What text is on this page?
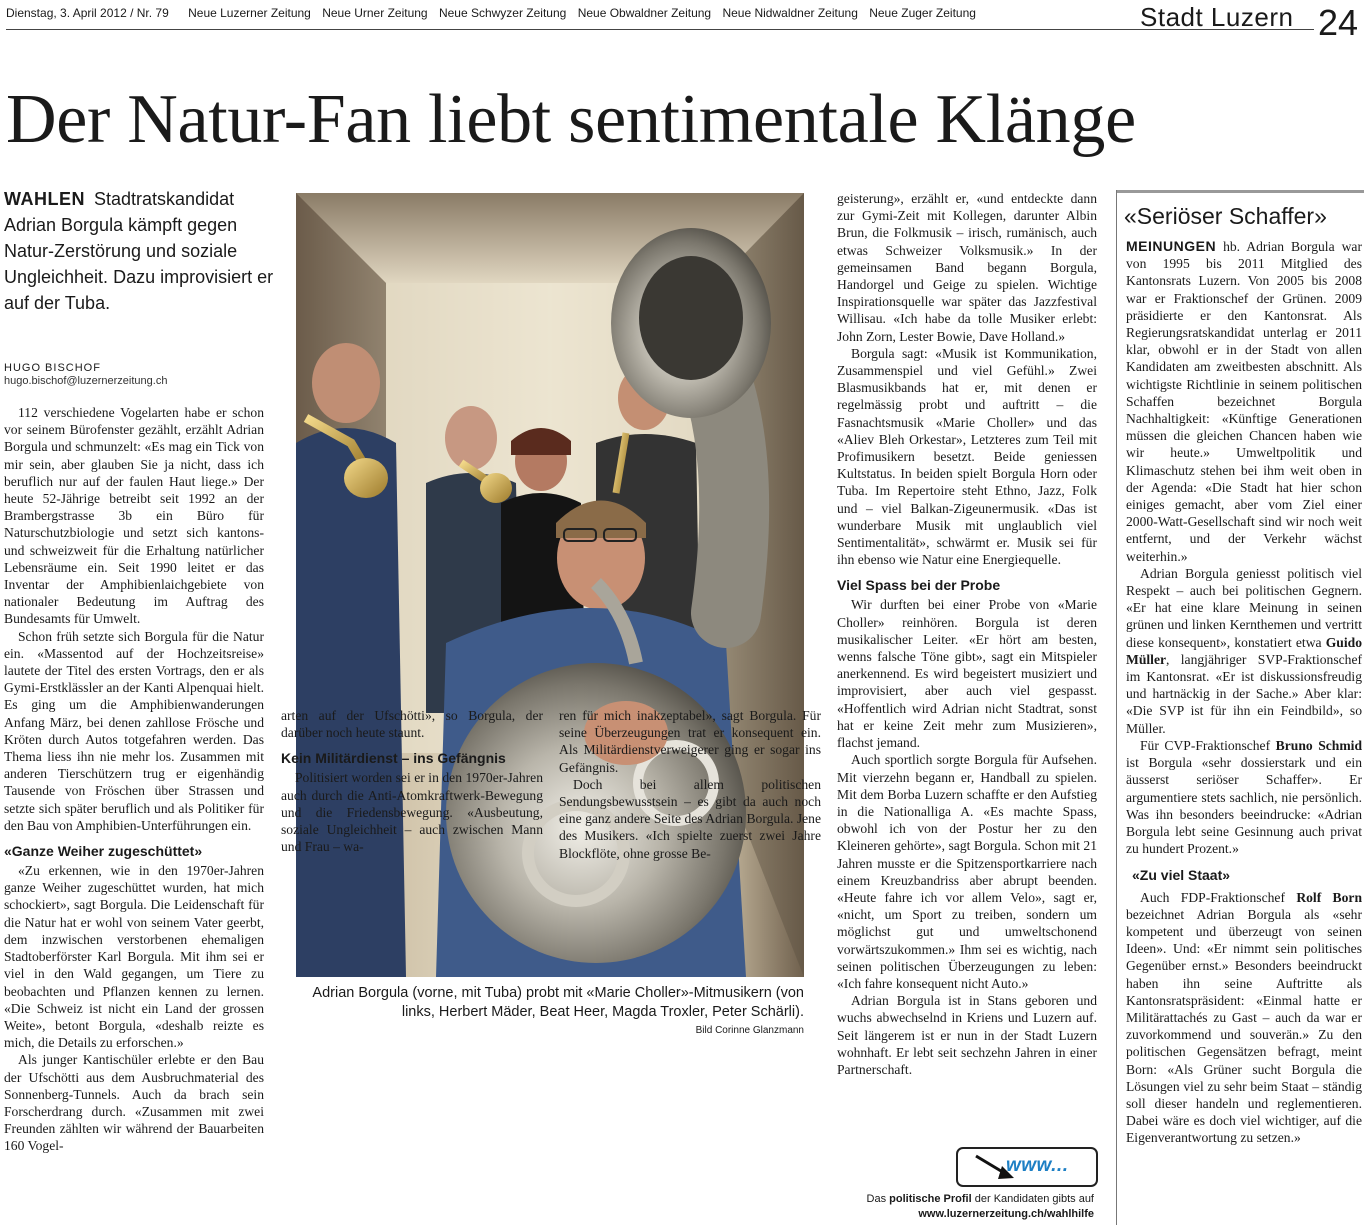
Dienstag, 3. April 2012 / Nr. 79 Neue Luzerner Zeitung Neue Urner Zeitung Neue Schwyzer Zeitung Neue Obwaldner Zeitung Neue Nidwaldner Zeitung Neue Zuger Zeitung	Stadt Luzern 24
Der Natur-Fan liebt sentimentale Klänge
WAHLEN Stadtratskandidat Adrian Borgula kämpft gegen Natur-Zerstörung und soziale Ungleichheit. Dazu improvisiert er auf der Tuba.
HUGO BISCHOF
hugo.bischof@luzernerzeitung.ch

112 verschiedene Vogelarten habe er schon vor seinem Bürofenster gezählt, erzählt Adrian Borgula und schmunzelt: «Es mag ein Tick von mir sein, aber glauben Sie ja nicht, dass ich beruflich nur auf der faulen Haut liege.» Der heute 52-Jährige betreibt seit 1992 an der Brambergstrasse 3b ein Büro für Naturschutzbiologie und setzt sich kantons- und schweizweit für die Erhaltung natürlicher Lebensräume ein. Seit 1990 leitet er das Inventar der Amphibienlaichgebiete von nationaler Bedeutung im Auftrag des Bundesamts für Umwelt.

Schon früh setzte sich Borgula für die Natur ein. «Massentod auf der Hochzeitsreise» lautete der Titel des ersten Vortrags, den er als Gymi-Erstklässler an der Kanti Alpenquai hielt. Es ging um die Amphibienwanderungen Anfang März, bei denen zahllose Frösche und Kröten durch Autos totgefahren werden. Das Thema liess ihn nie mehr los. Zusammen mit anderen Tierschützern trug er eigenhändig Tausende von Fröschen über Strassen und setzte sich später beruflich und als Politiker für den Bau von Amphibien-Unterführungen ein.

«Ganze Weiher zugeschüttet»

«Zu erkennen, wie in den 1970er-Jahren ganze Weiher zugeschüttet wurden, hat mich schockiert», sagt Borgula. Die Leidenschaft für die Natur hat er wohl von seinem Vater geerbt, dem inzwischen verstorbenen ehemaligen Stadtoberförster Karl Borgula. Mit ihm sei er viel in den Wald gegangen, um Tiere zu beobachten und Pflanzen kennen zu lernen. «Die Schweiz ist nicht ein Land der grossen Weite», betont Borgula, «deshalb reizte es mich, die Details zu erforschen.»

Als junger Kantischüler erlebte er den Bau der Ufschötti aus dem Ausbruchmaterial des Sonnenberg-Tunnels. Auch da brach sein Forscherdrang durch. «Zusammen mit zwei Freunden zählten wir während der Bauarbeiten 160 Vogel-

Adrian Borgula (vorne, mit Tuba) probt mit «Marie Choller»-Mitmusikern (von links, Herbert Mäder, Beat Heer, Magda Troxler, Peter Schärli).
Bild Corinne Glanzmann

arten auf der Ufschötti», so Borgula, der darüber noch heute staunt.

Kein Militärdienst – ins Gefängnis

Politisiert worden sei er in den 1970er-Jahren auch durch die Anti-Atomkraftwerk-Bewegung und die Friedensbewegung. «Ausbeutung, soziale Ungleichheit – auch zwischen Mann und Frau – wa-

ren für mich inakzeptabel», sagt Borgula. Für seine Überzeugungen trat er konsequent ein. Als Militärdienstverweigerer ging er sogar ins Gefängnis.

Doch bei allem politischen Sendungsbewusstsein – es gibt da auch noch eine ganz andere Seite des Adrian Borgula. Jene des Musikers. «Ich spielte zuerst zwei Jahre Blockflöte, ohne grosse Be-

geisterung», erzählt er, «und entdeckte dann zur Gymi-Zeit mit Kollegen, darunter Albin Brun, die Folkmusik – irisch, rumänisch, auch etwas Schweizer Volksmusik.» In der gemeinsamen Band begann Borgula, Handorgel und Geige zu spielen. Wichtige Inspirationsquelle war später das Jazzfestival Willisau. «Ich habe da tolle Musiker erlebt: John Zorn, Lester Bowie, Dave Holland.»

Borgula sagt: «Musik ist Kommunikation, Zusammenspiel und viel Gefühl.» Zwei Blasmusikbands hat er, mit denen er regelmässig probt und auftritt – die Fasnachtsmusik «Marie Choller» und das «Aliev Bleh Orkestar», Letzteres zum Teil mit Profimusikern besetzt. Beide geniessen Kultstatus. In beiden spielt Borgula Horn oder Tuba. Im Repertoire steht Ethno, Jazz, Folk und – viel Balkan-Zigeunermusik. «Das ist wunderbare Musik mit unglaublich viel Sentimentalität», schwärmt er. Musik sei für ihn ebenso wie Natur eine Energiequelle.

Viel Spass bei der Probe

Wir durften bei einer Probe von «Marie Choller» reinhören. Borgula ist deren musikalischer Leiter. «Er hört am besten, wenns falsche Töne gibt», sagt ein Mitspieler anerkennend. Es wird begeistert musiziert und improvisiert, aber auch viel gespasst. «Hoffentlich wird Adrian nicht Stadtrat, sonst hat er keine Zeit mehr zum Musizieren», flachst jemand.

Auch sportlich sorgte Borgula für Aufsehen. Mit vierzehn begann er, Handball zu spielen. Mit dem Borba Luzern schaffte er den Aufstieg in die Nationalliga A. «Es machte Spass, obwohl ich von der Postur her zu den Kleineren gehörte», sagt Borgula. Schon mit 21 Jahren musste er die Spitzensportkarriere nach einem Kreuzbandriss aber abrupt beenden. «Heute fahre ich vor allem Velo», sagt er, «nicht, um Sport zu treiben, sondern um möglichst gut und umweltschonend vorwärtszukommen.» Ihm sei es wichtig, nach seinen politischen Überzeugungen zu leben: «Ich fahre konsequent nicht Auto.»

Adrian Borgula ist in Stans geboren und wuchs abwechselnd in Kriens und Luzern auf. Seit längerem ist er nun in der Stadt Luzern wohnhaft. Er lebt seit sechzehn Jahren in einer Partnerschaft.

www...
Das politische Profil der Kandidaten gibts auf www.luzernerzeitung.ch/wahlhilfe
«Seriöser Schaffer»

MEINUNGEN hb. Adrian Borgula war von 1995 bis 2011 Mitglied des Kantonsrats Luzern. Von 2005 bis 2008 war er Fraktionschef der Grünen. 2009 präsidierte er den Kantonsrat. Als Regierungsratskandidat unterlag er 2011 klar, obwohl er in der Stadt von allen Kandidaten am zweitbesten abschnitt. Als wichtigste Richtlinie in seinem politischen Schaffen bezeichnet Borgula Nachhaltigkeit: «Künftige Generationen müssen die gleichen Chancen haben wie wir heute.» Umweltpolitik und Klimaschutz stehen bei ihm weit oben in der Agenda: «Die Stadt hat hier schon einiges gemacht, aber vom Ziel einer 2000-Watt-Gesellschaft sind wir noch weit entfernt, und der Verkehr wächst weiterhin.»

Adrian Borgula geniesst politisch viel Respekt – auch bei politischen Gegnern. «Er hat eine klare Meinung in seinen grünen und linken Kernthemen und vertritt diese konsequent», konstatiert etwa Guido Müller, langjähriger SVP-Fraktionschef im Kantonsrat. «Er ist diskussionsfreudig und hartnäckig in der Sache.» Aber klar: «Die SVP ist für ihn ein Feindbild», so Müller.

Für CVP-Fraktionschef Bruno Schmid ist Borgula «sehr dossierstark und ein äusserst seriöser Schaffer». Er argumentiere stets sachlich, nie persönlich. Was ihn besonders beeindrucke: «Adrian Borgula lebt seine Gesinnung auch privat zu hundert Prozent.»

«Zu viel Staat»

Auch FDP-Fraktionschef Rolf Born bezeichnet Adrian Borgula als «sehr kompetent und überzeugt von seinen Ideen». Und: «Er nimmt sein politisches Gegenüber ernst.» Besonders beeindruckt haben ihn seine Auftritte als Kantonsratspräsident: «Einmal hatte er Militärattachés zu Gast – auch da war er zuvorkommend und souverän.» Zu den politischen Gegensätzen befragt, meint Born: «Als Grüner sucht Borgula die Lösungen viel zu sehr beim Staat – ständig soll dieser handeln und reglementieren. Dabei wäre es doch viel wichtiger, auf die Eigenverantwortung zu setzen.»
